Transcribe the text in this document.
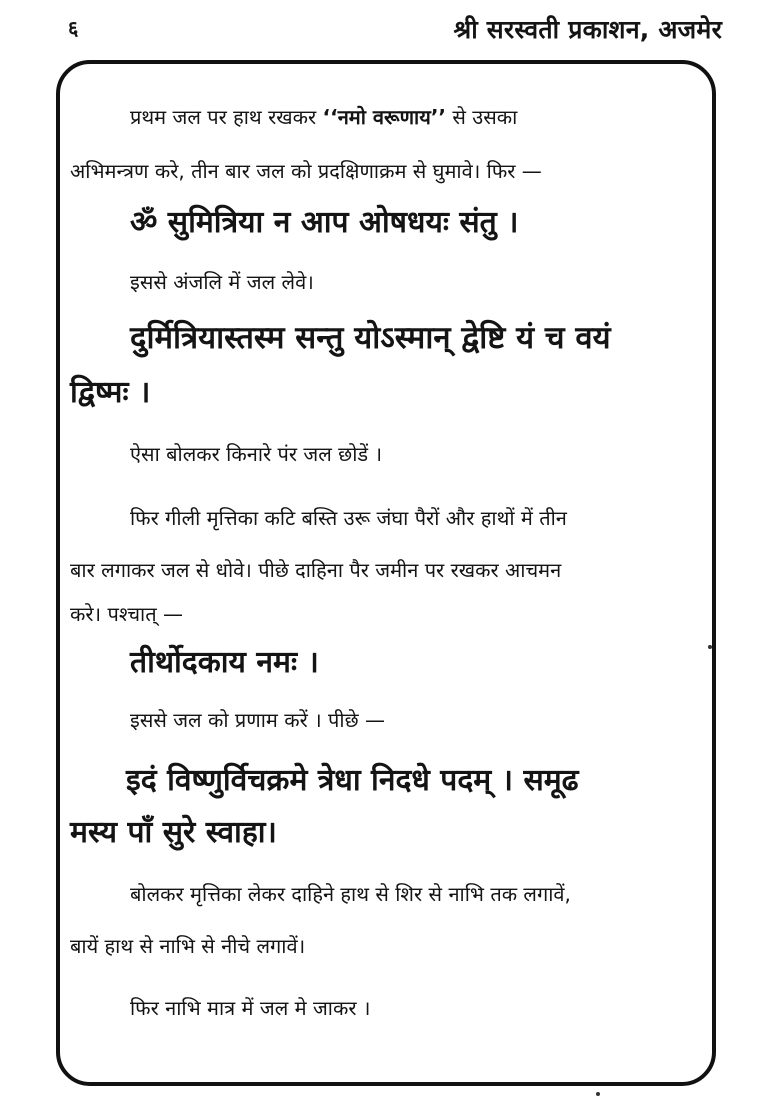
६	श्री सरस्वती प्रकाशन, अजमेर
प्रथम जल पर हाथ रखकर ‘‘नमो वरूणाय’’ से उसका
अभिमन्त्रण करे, तीन बार जल को प्रदक्षिणाक्रम से घुमावे। फिर —
ॐ सुमित्रिया न आप ओषधयः संतु ।
इससे अंजलि में जल लेवे।
दुर्मित्रियास्तस्म सन्तु योऽस्मान् द्वेष्टि यं च वयं
द्विष्मः ।
ऐसा बोलकर किनारे पंर जल छोडें ।
फिर गीली मृत्तिका कटि बस्ति उरू जंघा पैरों और हाथों में तीन
बार लगाकर जल से धोवे। पीछे दाहिना पैर जमीन पर रखकर आचमन
करे। पश्चात् —
तीर्थोदकाय नमः ।
इससे जल को प्रणाम करें । पीछे —
इदं विष्णुर्विचक्रमे त्रेधा निदधे पदम् । समूढ
मस्य पाँ सुरे स्वाहा।
बोलकर मृत्तिका लेकर दाहिने हाथ से शिर से नाभि तक लगावें,
बायें हाथ से नाभि से नीचे लगावें।
फिर नाभि मात्र में जल मे जाकर ।
